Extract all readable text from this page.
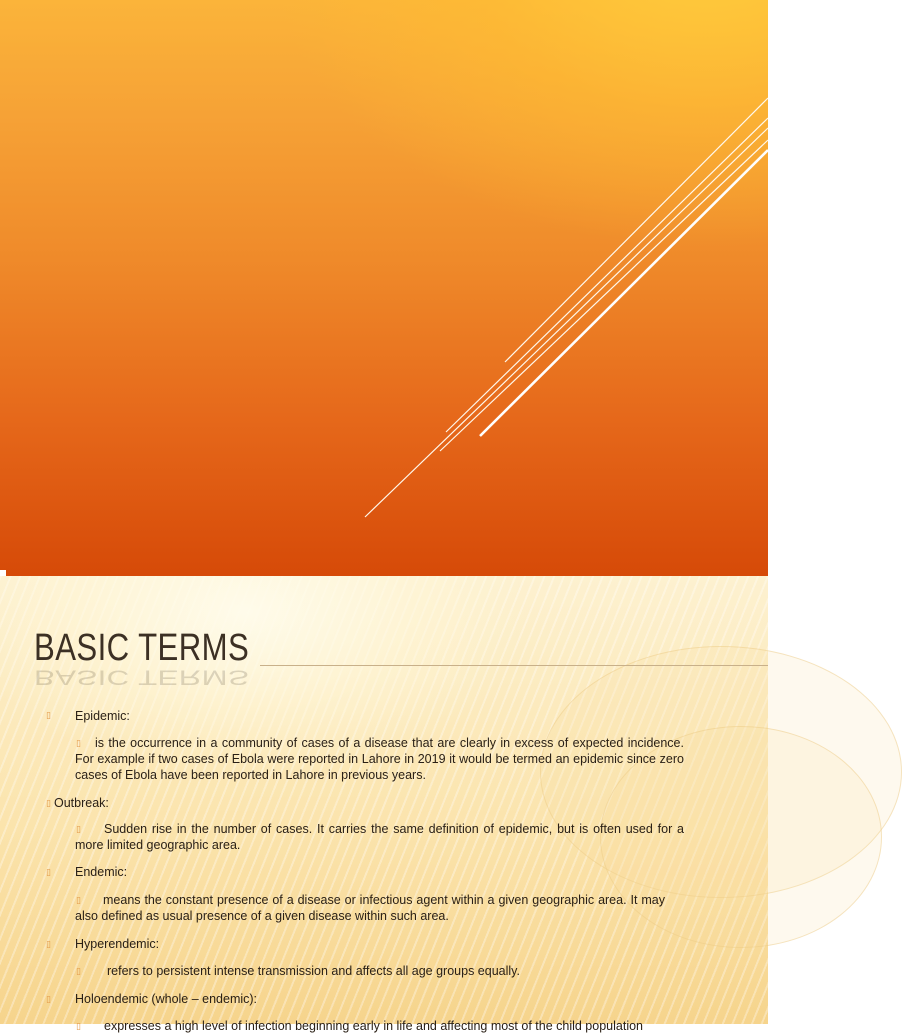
BASIC TERMS
BASIC TERMS
▯ Epidemic:
▯	is the occurrence in a community of cases of a disease that are clearly in excess of expected incidence. For example if two cases of Ebola were reported in Lahore in 2019 it would be termed an epidemic since zero cases of Ebola have been reported in Lahore in previous years.
▯ Outbreak:
▯	Sudden rise in the number of cases. It carries the same definition of epidemic, but is often used for a more limited geographic area.
▯ Endemic:
▯	means the constant presence of a disease or infectious agent within a given geographic area. It may also defined as usual presence of a given disease within such area.
▯ Hyperendemic:
▯ refers to persistent intense transmission and affects all age groups equally.
▯ Holoendemic (whole – endemic):
▯ expresses a high level of infection beginning early in life and affecting most of the child population
